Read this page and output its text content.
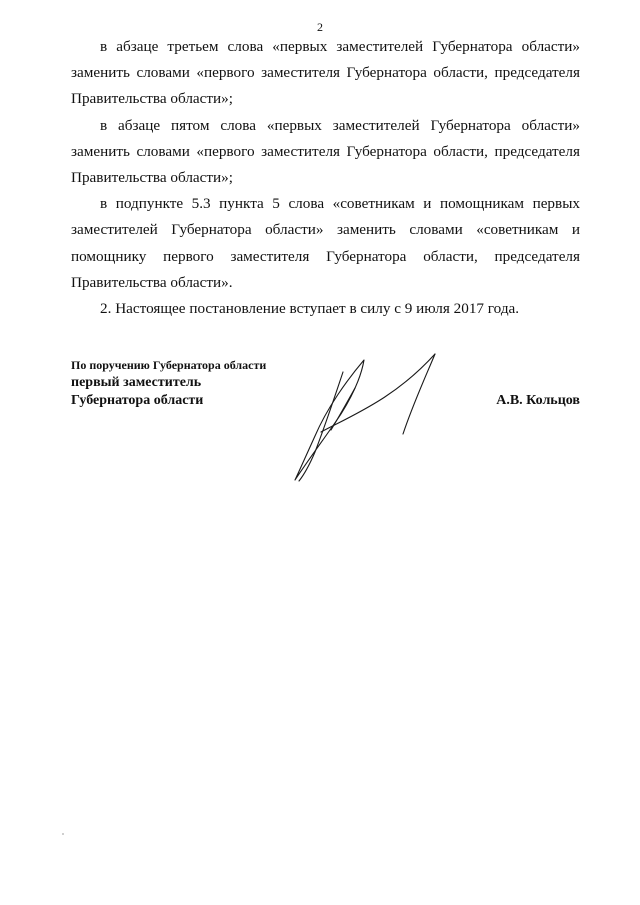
2

в абзаце третьем слова «первых заместителей Губернатора области» заменить словами «первого заместителя Губернатора области, председателя Правительства области»;

в абзаце пятом слова «первых заместителей Губернатора области» заменить словами «первого заместителя Губернатора области, председателя Правительства области»;

в подпункте 5.3 пункта 5 слова «советникам и помощникам первых заместителей Губернатора области» заменить словами «советникам и помощнику первого заместителя Губернатора области, председателя Правительства области».

2. Настоящее постановление вступает в силу с 9 июля 2017 года.

По поручению Губернатора области
первый заместитель
Губернатора области	А.В. Кольцов
